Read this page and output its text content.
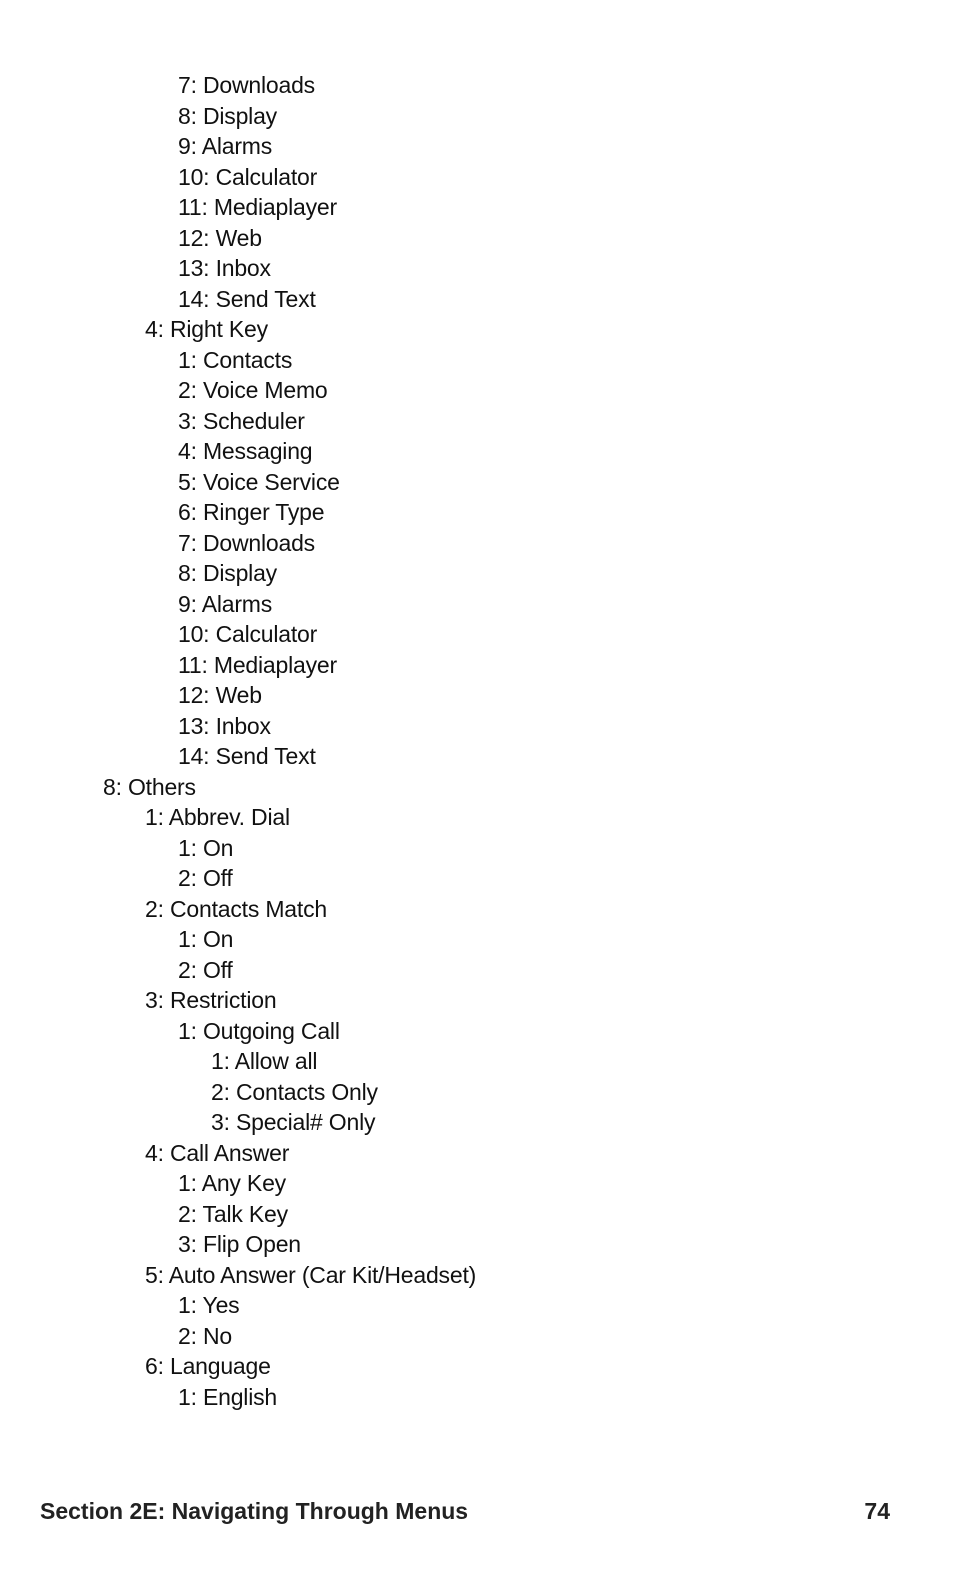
7: Downloads
8: Display
9: Alarms
10: Calculator
11: Mediaplayer
12: Web
13: Inbox
14: Send Text
4: Right Key
1: Contacts
2: Voice Memo
3: Scheduler
4: Messaging
5: Voice Service
6: Ringer Type
7: Downloads
8: Display
9: Alarms
10: Calculator
11: Mediaplayer
12: Web
13: Inbox
14: Send Text
8: Others
1: Abbrev. Dial
1: On
2: Off
2: Contacts Match
1: On
2: Off
3: Restriction
1: Outgoing Call
1: Allow all
2: Contacts Only
3: Special# Only
4: Call Answer
1: Any Key
2: Talk Key
3: Flip Open
5: Auto Answer (Car Kit/Headset)
1: Yes
2: No
6: Language
1: English
Section 2E: Navigating Through Menus	74
